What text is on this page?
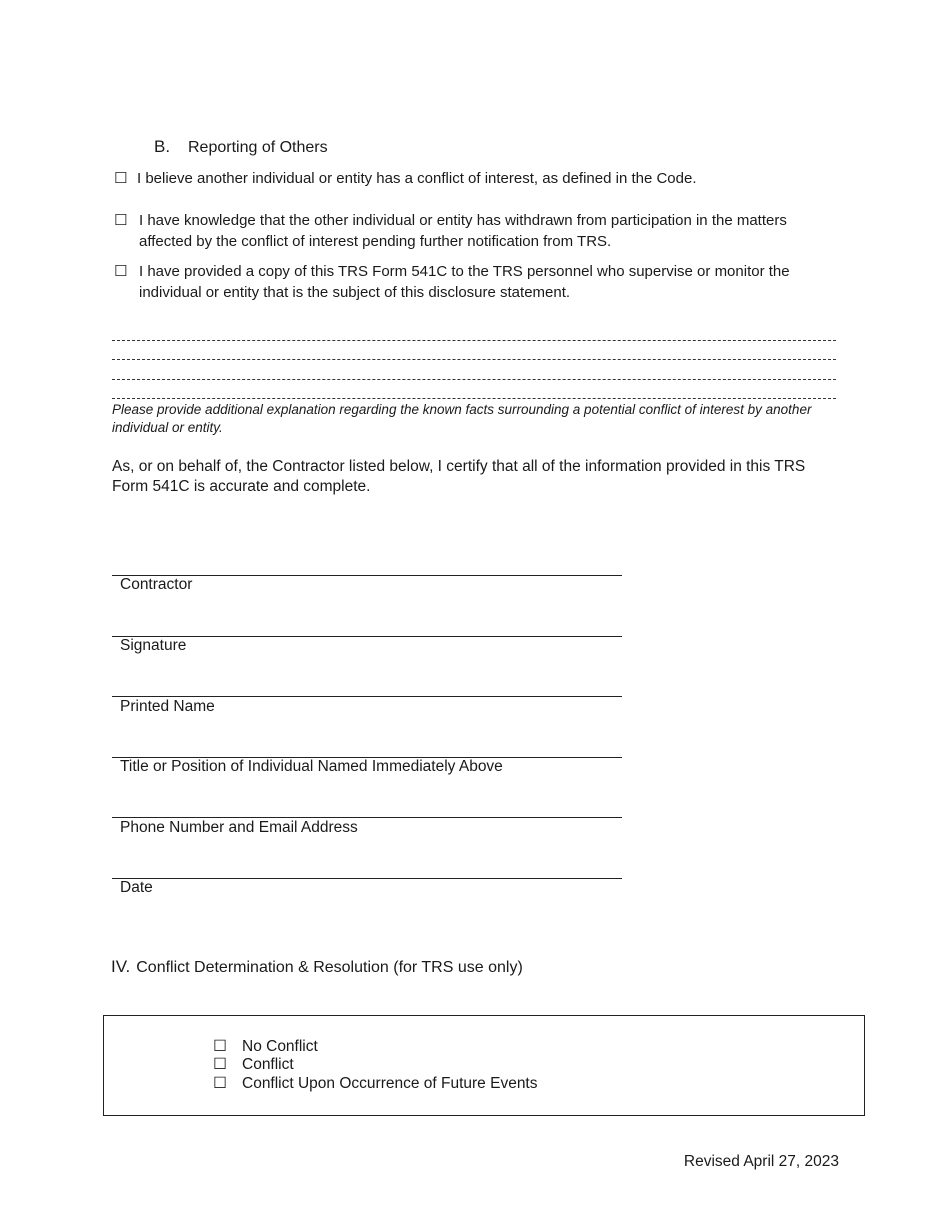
B. Reporting of Others
☐ I believe another individual or entity has a conflict of interest, as defined in the Code.
☐ I have knowledge that the other individual or entity has withdrawn from participation in the matters affected by the conflict of interest pending further notification from TRS.
☐ I have provided a copy of this TRS Form 541C to the TRS personnel who supervise or monitor the individual or entity that is the subject of this disclosure statement.
Please provide additional explanation regarding the known facts surrounding a potential conflict of interest by another individual or entity.
As, or on behalf of, the Contractor listed below, I certify that all of the information provided in this TRS Form 541C is accurate and complete.
Contractor
Signature
Printed Name
Title or Position of Individual Named Immediately Above
Phone Number and Email Address
Date
IV. Conflict Determination & Resolution (for TRS use only)
☐ No Conflict
☐ Conflict
☐ Conflict Upon Occurrence of Future Events
Revised April 27, 2023
